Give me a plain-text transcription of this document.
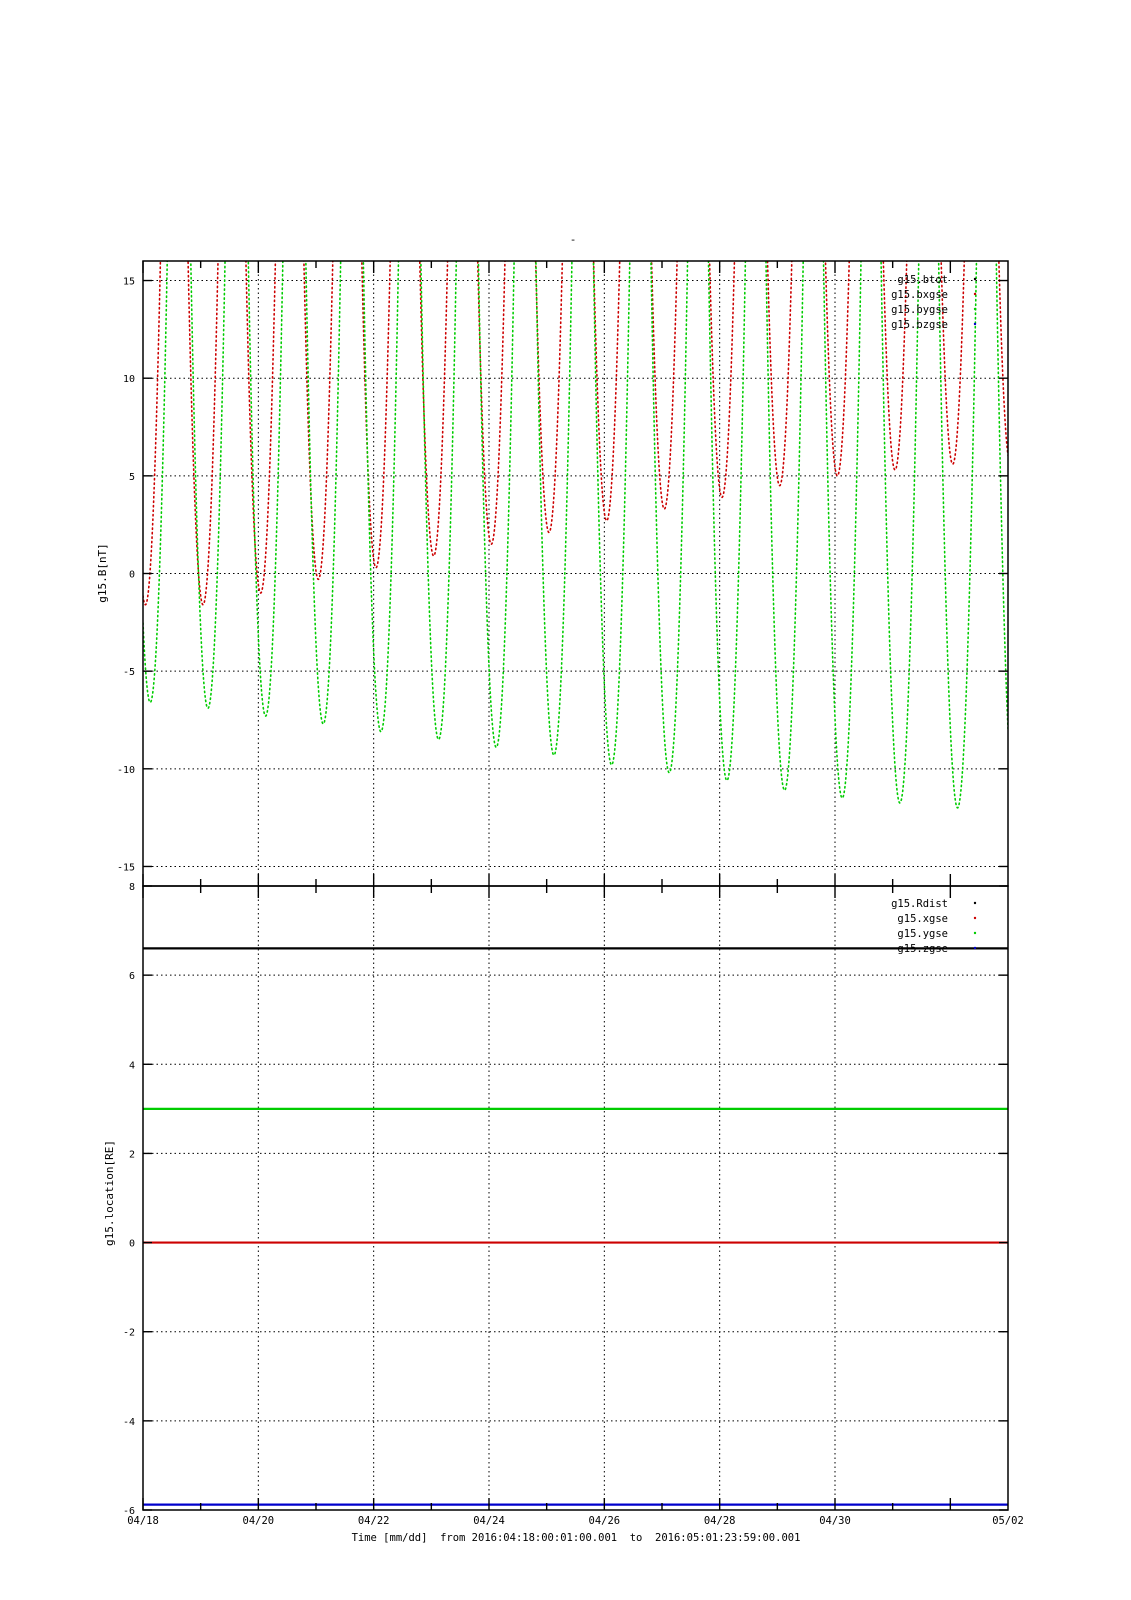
-
15
10
5
0
-5
-10
-15
g15.B[nT]
g15.btot
g15.bxgse
g15.bygse
g15.bzgse
8
6
4
2
0
-2
-4
-6
g15.location[RE]
g15.Rdist
g15.xgse
g15.ygse
g15.zgse
04/18	04/20	04/22	04/24	04/26	04/28	04/30	05/02
Time [mm/dd]  from 2016:04:18:00:01:00.001  to  2016:05:01:23:59:00.001
